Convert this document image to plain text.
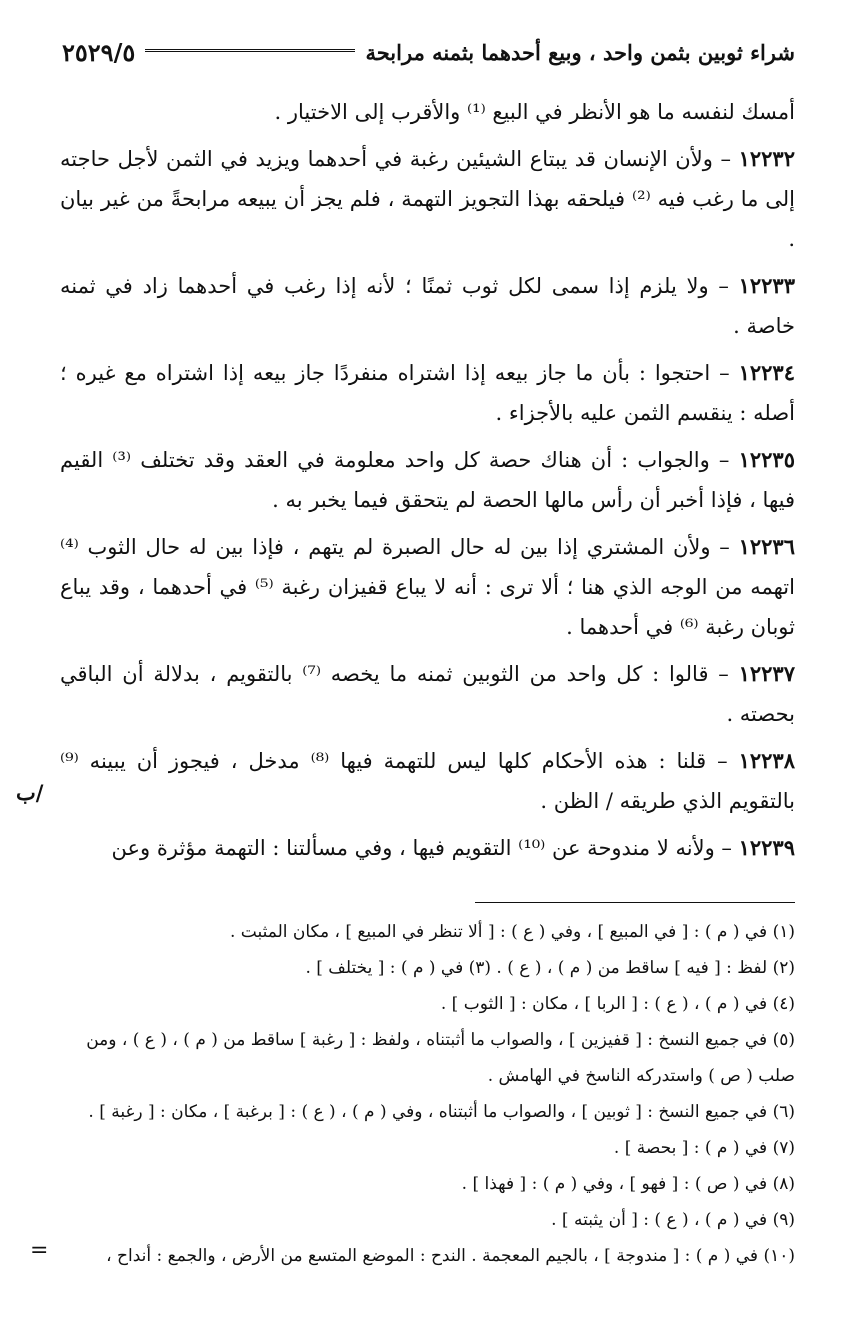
شراء ثوبين بثمن واحد ، وبيع أحدهما بثمنه مرابحة
٢٥٢٩/٥

أمسك لنفسه ما هو الأنظر في البيع ⁽¹⁾ والأقرب إلى الاختيار .

١٢٢٣٢ – ولأن الإنسان قد يبتاع الشيئين رغبة في أحدهما ويزيد في الثمن لأجل حاجته إلى ما رغب فيه ⁽²⁾ فيلحقه بهذا التجويز التهمة ، فلم يجز أن يبيعه مرابحةً من غير بيان .

١٢٢٣٣ – ولا يلزم إذا سمى لكل ثوب ثمنًا ؛ لأنه إذا رغب في أحدهما زاد في ثمنه خاصة .

١٢٢٣٤ – احتجوا : بأن ما جاز بيعه إذا اشتراه منفردًا جاز بيعه إذا اشتراه مع غيره ؛ أصله : ينقسم الثمن عليه بالأجزاء .

١٢٢٣٥ – والجواب : أن هناك حصة كل واحد معلومة في العقد وقد تختلف ⁽³⁾ القيم فيها ، فإذا أخبر أن رأس مالها الحصة لم يتحقق فيما يخبر به .

١٢٢٣٦ – ولأن المشتري إذا بين له حال الصبرة لم يتهم ، فإذا بين له حال الثوب ⁽⁴⁾ اتهمه من الوجه الذي هنا ؛ ألا ترى : أنه لا يباع قفيزان رغبة ⁽⁵⁾ في أحدهما ، وقد يباع ثوبان رغبة ⁽⁶⁾ في أحدهما .

١٢٢٣٧ – قالوا : كل واحد من الثوبين ثمنه ما يخصه ⁽⁷⁾ بالتقويم ، بدلالة أن الباقي بحصته .

١٢٢٣٨ – قلنا : هذه الأحكام كلها ليس للتهمة فيها ⁽⁸⁾ مدخل ، فيجوز أن يبينه ⁽⁹⁾ بالتقويم الذي طريقه / الظن .

١٢٢٣٩ – ولأنه لا مندوحة عن ⁽¹⁰⁾ التقويم فيها ، وفي مسألتنا : التهمة مؤثرة وعن

/ب

(١) في ( م ) : [ في المبيع ] ، وفي ( ع ) : [ ألا تنظر في المبيع ] ، مكان المثبت .

(٢) لفظ : [ فيه ] ساقط من ( م ) ، ( ع ) . (٣) في ( م ) : [ يختلف ] .

(٤) في ( م ) ، ( ع ) : [ الربا ] ، مكان : [ الثوب ] .

(٥) في جميع النسخ : [ قفيزين ] ، والصواب ما أثبتناه ، ولفظ : [ رغبة ] ساقط من ( م ) ، ( ع ) ، ومن صلب ( ص ) واستدركه الناسخ في الهامش .

(٦) في جميع النسخ : [ ثوبين ] ، والصواب ما أثبتناه ، وفي ( م ) ، ( ع ) : [ برغبة ] ، مكان : [ رغبة ] .

(٧) في ( م ) : [ بحصة ] .

(٨) في ( ص ) : [ فهو ] ، وفي ( م ) : [ فهذا ] .

(٩) في ( م ) ، ( ع ) : [ أن يثبته ] .

(١٠) في ( م ) : [ مندوجة ] ، بالجيم المعجمة . الندح : الموضع المتسع من الأرض ، والجمع : أنداح ،

=
